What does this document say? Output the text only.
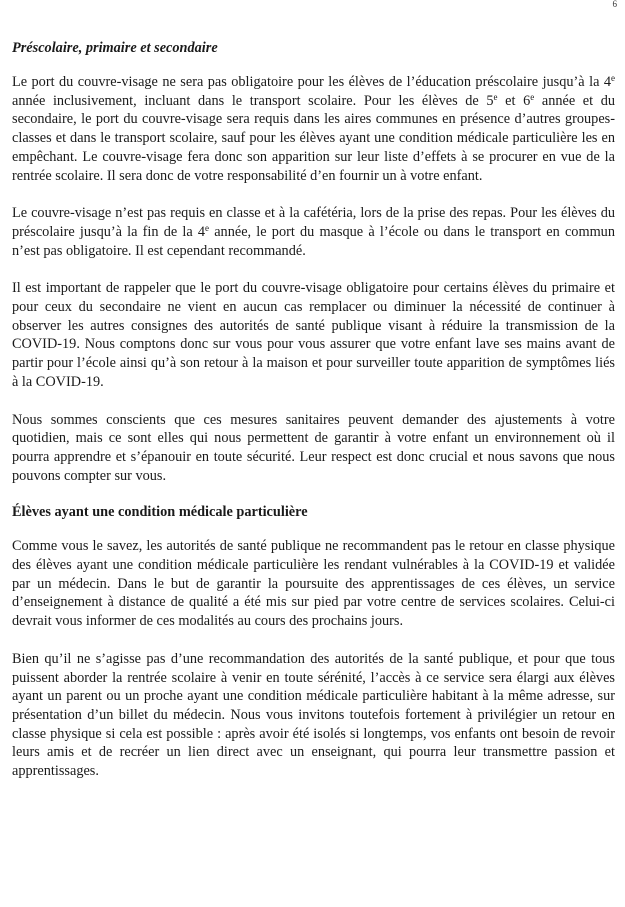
6
Préscolaire, primaire et secondaire

Le port du couvre-visage ne sera pas obligatoire pour les élèves de l’éducation préscolaire jusqu’à la 4e année inclusivement, incluant dans le transport scolaire. Pour les élèves de 5e et 6e année et du secondaire, le port du couvre-visage sera requis dans les aires communes en présence d’autres groupes-classes et dans le transport scolaire, sauf pour les élèves ayant une condition médicale particulière les en empêchant. Le couvre-visage fera donc son apparition sur leur liste d’effets à se procurer en vue de la rentrée scolaire. Il sera donc de votre responsabilité d’en fournir un à votre enfant.

Le couvre-visage n’est pas requis en classe et à la cafétéria, lors de la prise des repas. Pour les élèves du préscolaire jusqu’à la fin de la 4e année, le port du masque à l’école ou dans le transport en commun n’est pas obligatoire. Il est cependant recommandé.

Il est important de rappeler que le port du couvre-visage obligatoire pour certains élèves du primaire et pour ceux du secondaire ne vient en aucun cas remplacer ou diminuer la nécessité de continuer à observer les autres consignes des autorités de santé publique visant à réduire la transmission de la COVID-19. Nous comptons donc sur vous pour vous assurer que votre enfant lave ses mains avant de partir pour l’école ainsi qu’à son retour à la maison et pour surveiller toute apparition de symptômes liés à la COVID-19.

Nous sommes conscients que ces mesures sanitaires peuvent demander des ajustements à votre quotidien, mais ce sont elles qui nous permettent de garantir à votre enfant un environnement où il pourra apprendre et s’épanouir en toute sécurité. Leur respect est donc crucial et nous savons que nous pouvons compter sur vous.

Élèves ayant une condition médicale particulière

Comme vous le savez, les autorités de santé publique ne recommandent pas le retour en classe physique des élèves ayant une condition médicale particulière les rendant vulnérables à la COVID-19 et validée par un médecin. Dans le but de garantir la poursuite des apprentissages de ces élèves, un service d’enseignement à distance de qualité a été mis sur pied par votre centre de services scolaires. Celui-ci devrait vous informer de ces modalités au cours des prochains jours.

Bien qu’il ne s’agisse pas d’une recommandation des autorités de la santé publique, et pour que tous puissent aborder la rentrée scolaire à venir en toute sérénité, l’accès à ce service sera élargi aux élèves ayant un parent ou un proche ayant une condition médicale particulière habitant à la même adresse, sur présentation d’un billet du médecin. Nous vous invitons toutefois fortement à privilégier un retour en classe physique si cela est possible : après avoir été isolés si longtemps, vos enfants ont besoin de revoir leurs amis et de recréer un lien direct avec un enseignant, qui pourra leur transmettre passion et apprentissages.
